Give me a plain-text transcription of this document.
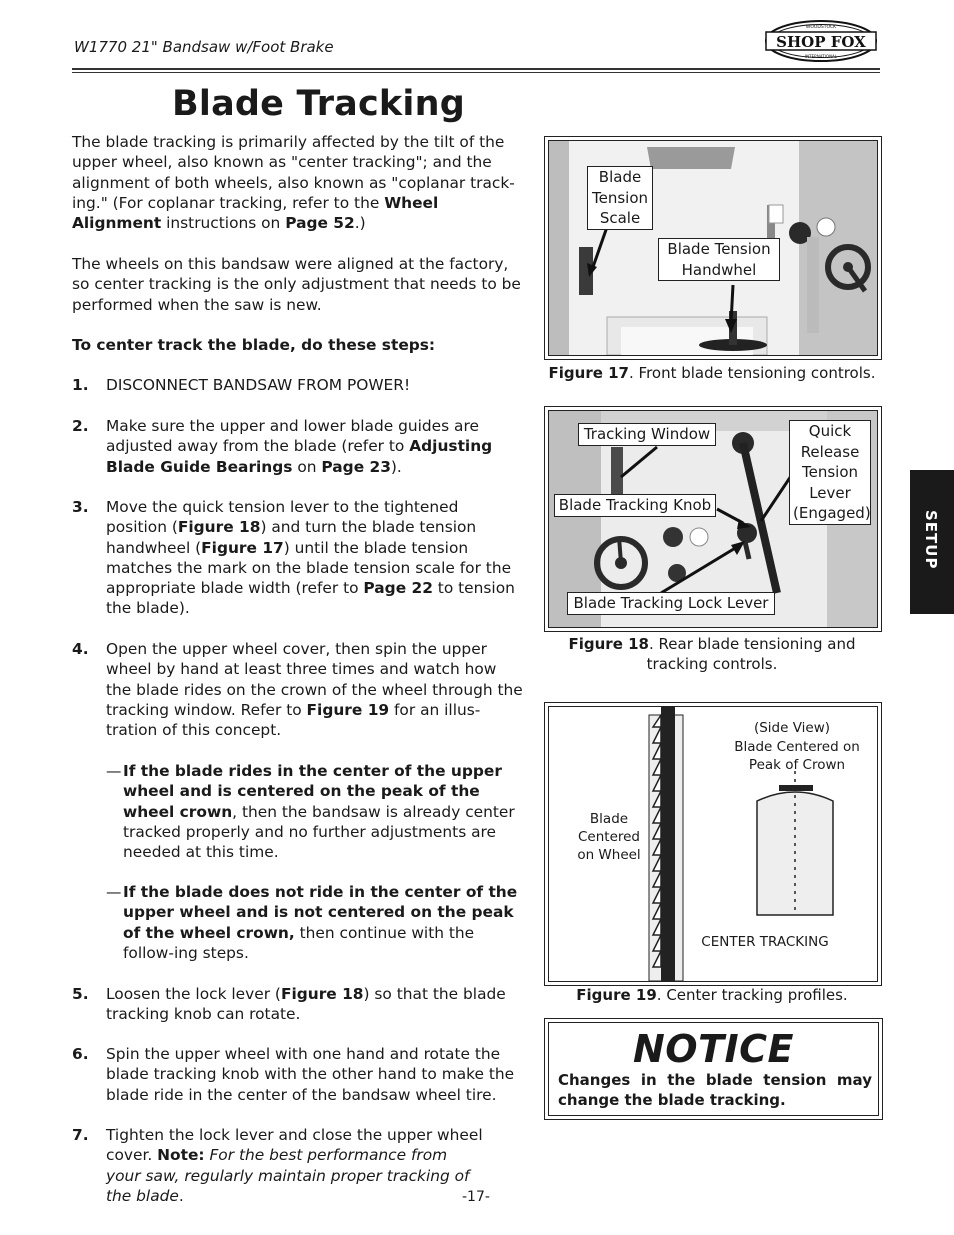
W1770 21" Bandsaw w/Foot Brake	SHOP FOX
WOODSTOCK
INTERNATIONAL
Blade Tracking
The blade tracking is primarily affected by the tilt of the upper wheel, also known as "center tracking"; and the alignment of both wheels, also known as "coplanar track-ing." (For coplanar tracking, refer to the Wheel Alignment instructions on Page 52.)
The wheels on this bandsaw were aligned at the factory, so center tracking is the only adjustment that needs to be performed when the saw is new.
To center track the blade, do these steps:
1. DISCONNECT BANDSAW FROM POWER!
2. Make sure the upper and lower blade guides are adjusted away from the blade (refer to Adjusting Blade Guide Bearings on Page 23).
3. Move the quick tension lever to the tightened position (Figure 18) and turn the blade tension handwheel (Figure 17) until the blade tension matches the mark on the blade tension scale for the appropriate blade width (refer to Page 22 to tension the blade).
4. Open the upper wheel cover, then spin the upper wheel by hand at least three times and watch how the blade rides on the crown of the wheel through the tracking window. Refer to Figure 19 for an illus-tration of this concept.
— If the blade rides in the center of the upper wheel and is centered on the peak of the wheel crown, then the bandsaw is already center tracked properly and no further adjustments are needed at this time.
— If the blade does not ride in the center of the upper wheel and is not centered on the peak of the wheel crown, then continue with the follow-ing steps.
5. Loosen the lock lever (Figure 18) so that the blade tracking knob can rotate.
6. Spin the upper wheel with one hand and rotate the blade tracking knob with the other hand to make the blade ride in the center of the bandsaw wheel tire.
7. Tighten the lock lever and close the upper wheel cover. Note: For the best performance from your saw, regularly maintain proper tracking of the blade.	-17-
SETUP
Blade Tension Scale
Blade Tension Handwhel
Figure 17. Front blade tensioning controls.
Tracking Window	Quick Release Tension Lever (Engaged)
Blade Tracking Knob
Blade Tracking Lock Lever
Figure 18. Rear blade tensioning and tracking controls.
(Side View)
Blade Centered on Peak of Crown
Blade Centered on Wheel
CENTER TRACKING
Figure 19. Center tracking profiles.
NOTICE
Changes in the blade tension may change the blade tracking.
